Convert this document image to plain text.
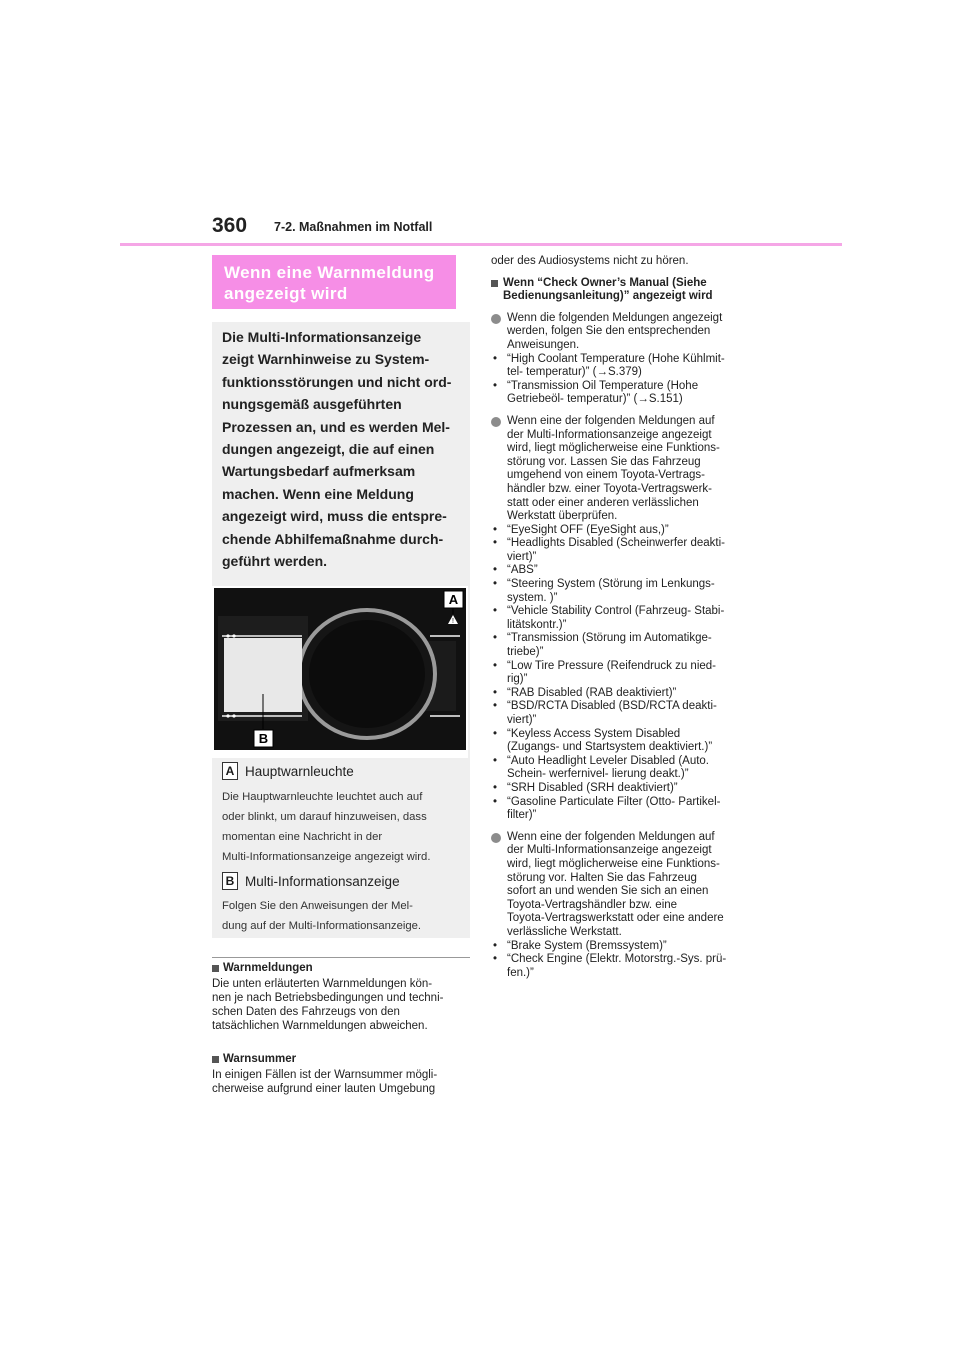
360 7-2. Maßnahmen im Notfall
Wenn eine Warnmeldung
angezeigt wird

Die Multi-Informationsanzeige

zeigt Warnhinweise zu System-

funktionsstörungen und nicht ord-

nungsgemäß ausgeführten

Prozessen an, und es werden Mel-

dungen angezeigt, die auf einen

Wartungsbedarf aufmerksam

machen. Wenn eine Meldung

angezeigt wird, muss die entspre-

chende Abhilfemaßnahme durch-

geführt werden.

!
A
B
A Hauptwarnleuchte

Die Hauptwarnleuchte leuchtet auch auf

oder blinkt, um darauf hinzuweisen, dass

momentan eine Nachricht in der

Multi-Informationsanzeige angezeigt wird.

B Multi-Informationsanzeige

Folgen Sie den Anweisungen der Mel-

dung auf der Multi-Informationsanzeige.

Warnmeldungen

Die unten erläuterten Warnmeldungen kön-

nen je nach Betriebsbedingungen und techni-

schen Daten des Fahrzeugs von den

tatsächlichen Warnmeldungen abweichen.

Warnsummer

In einigen Fällen ist der Warnsummer mögli-

cherweise aufgrund einer lauten Umgebung

oder des Audiosystems nicht zu hören.

Wenn “Check Owner’s Manual (Siehe

Bedienungsanleitung)” angezeigt wird

Wenn die folgenden Meldungen angezeigt

werden, folgen Sie den entsprechenden

Anweisungen.

• “High Coolant Temperature (Hohe Kühlmit-

tel- temperatur)” (→S.379)

• “Transmission Oil Temperature (Hohe

Getriebeöl- temperatur)” (→S.151)

Wenn eine der folgenden Meldungen auf

der Multi-Informationsanzeige angezeigt

wird, liegt möglicherweise eine Funktions-

störung vor. Lassen Sie das Fahrzeug

umgehend von einem Toyota-Vertrags-

händler bzw. einer Toyota-Vertragswerk-

statt oder einer anderen verlässlichen

Werkstatt überprüfen.

• “EyeSight OFF (EyeSight aus,)”

• “Headlights Disabled (Scheinwerfer deakti-

viert)”

• “ABS”

• “Steering System (Störung im Lenkungs-

system. )”

• “Vehicle Stability Control (Fahrzeug- Stabi-

litätskontr.)”

• “Transmission (Störung im Automatikge-

triebe)”

• “Low Tire Pressure (Reifendruck zu nied-

rig)”

• “RAB Disabled (RAB deaktiviert)”

• “BSD/RCTA Disabled (BSD/RCTA deakti-

viert)”

• “Keyless Access System Disabled

(Zugangs- und Startsystem deaktiviert.)”

• “Auto Headlight Leveler Disabled (Auto.

Schein- werfernivel- lierung deakt.)”

• “SRH Disabled (SRH deaktiviert)”

• “Gasoline Particulate Filter (Otto- Partikel-

filter)”

Wenn eine der folgenden Meldungen auf

der Multi-Informationsanzeige angezeigt

wird, liegt möglicherweise eine Funktions-

störung vor. Halten Sie das Fahrzeug

sofort an und wenden Sie sich an einen

Toyota-Vertragshändler bzw. eine

Toyota-Vertragswerkstatt oder eine andere

verlässliche Werkstatt.

• “Brake System (Bremssystem)”

• “Check Engine (Elektr. Motorstrg.-Sys. prü-

fen.)”
